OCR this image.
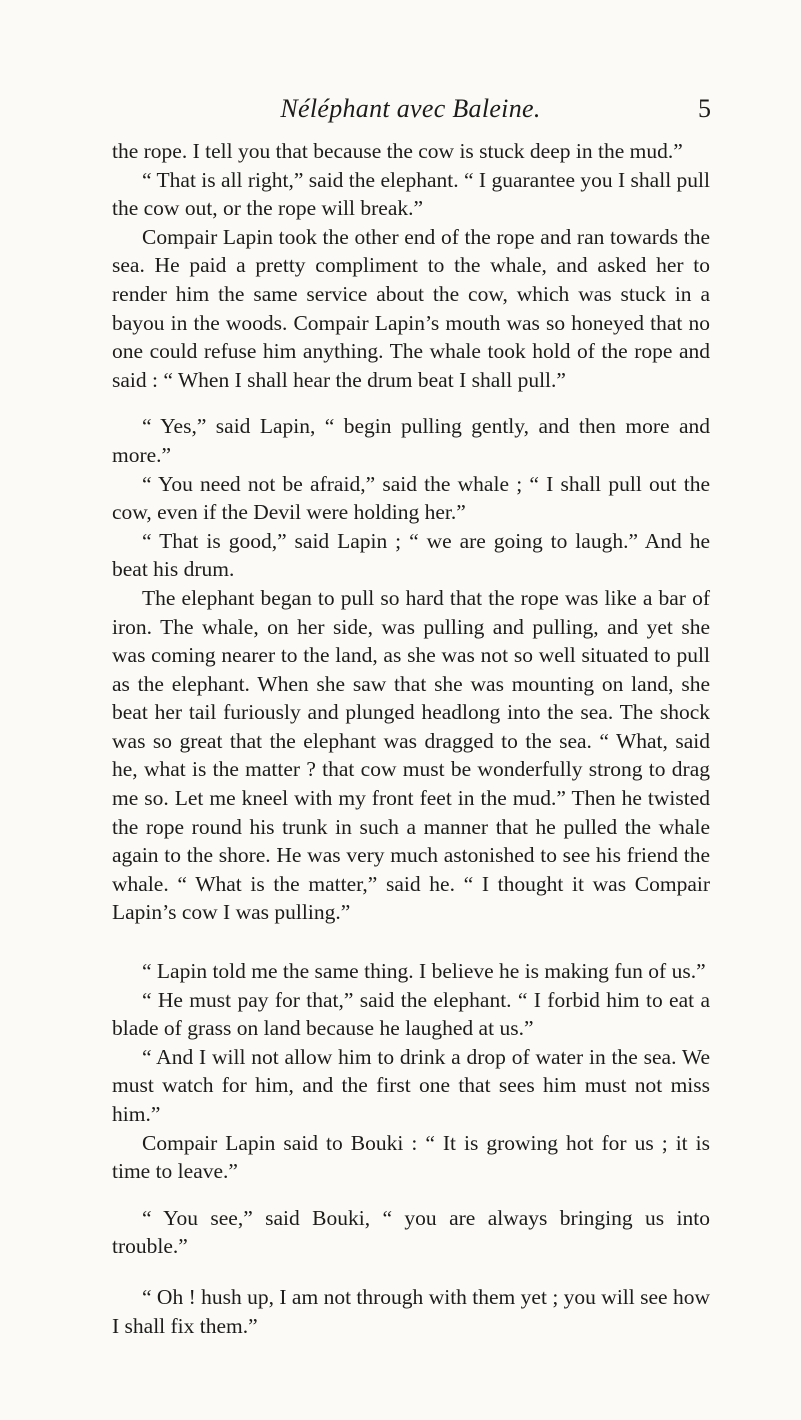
Néléphant avec Baleine.	5

the rope. I tell you that because the cow is stuck deep in the mud.”

“ That is all right,” said the elephant. “ I guarantee you I shall pull the cow out, or the rope will break.”

Compair Lapin took the other end of the rope and ran towards the sea. He paid a pretty compliment to the whale, and asked her to render him the same service about the cow, which was stuck in a bayou in the woods. Compair Lapin’s mouth was so honeyed that no one could refuse him anything. The whale took hold of the rope and said : “ When I shall hear the drum beat I shall pull.”

“ Yes,” said Lapin, “ begin pulling gently, and then more and more.”

“ You need not be afraid,” said the whale ; “ I shall pull out the cow, even if the Devil were holding her.”

“ That is good,” said Lapin ; “ we are going to laugh.” And he beat his drum.

The elephant began to pull so hard that the rope was like a bar of iron. The whale, on her side, was pulling and pulling, and yet she was coming nearer to the land, as she was not so well situated to pull as the elephant. When she saw that she was mounting on land, she beat her tail furiously and plunged headlong into the sea. The shock was so great that the elephant was dragged to the sea. “ What, said he, what is the matter ? that cow must be wonderfully strong to drag me so. Let me kneel with my front feet in the mud.” Then he twisted the rope round his trunk in such a manner that he pulled the whale again to the shore. He was very much astonished to see his friend the whale. “ What is the matter,” said he. “ I thought it was Compair Lapin’s cow I was pulling.”

“ Lapin told me the same thing. I believe he is making fun of us.”

“ He must pay for that,” said the elephant. “ I forbid him to eat a blade of grass on land because he laughed at us.”

“ And I will not allow him to drink a drop of water in the sea. We must watch for him, and the first one that sees him must not miss him.”

Compair Lapin said to Bouki : “ It is growing hot for us ; it is time to leave.”

“ You see,” said Bouki, “ you are always bringing us into trouble.”

“ Oh ! hush up, I am not through with them yet ; you will see how I shall fix them.”
